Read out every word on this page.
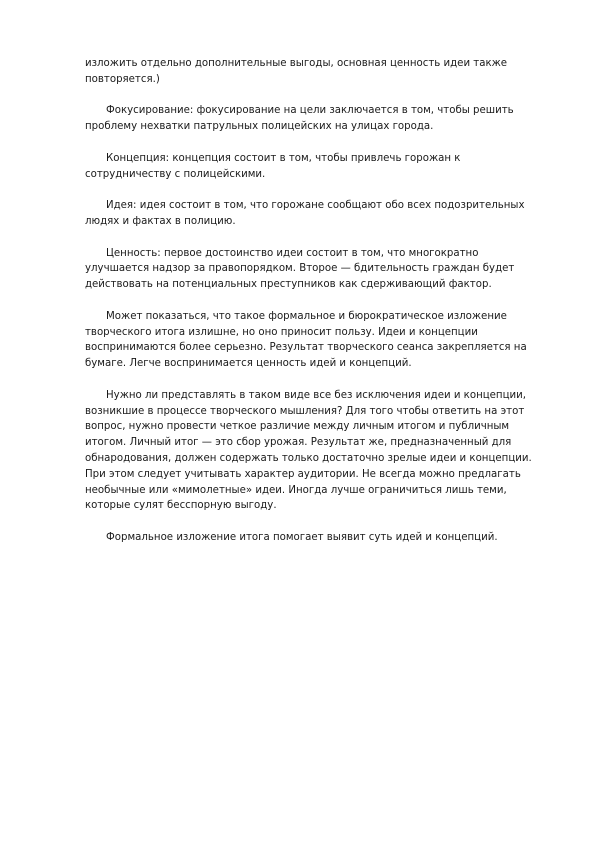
изложить отдельно дополнительные выгоды, основная ценность идеи также повторяется.)

Фокусирование: фокусирование на цели заключается в том, чтобы решить проблему нехватки патрульных полицейских на улицах города.

Концепция: концепция состоит в том, чтобы привлечь горожан к сотрудничеству с полицейскими.

Идея: идея состоит в том, что горожане сообщают обо всех подозрительных людях и фактах в полицию.

Ценность: первое достоинство идеи состоит в том, что многократно улучшается надзор за правопорядком. Второе — бдительность граждан будет действовать на потенциальных преступников как сдерживающий фактор.

Может показаться, что такое формальное и бюрократическое изложение творческого итога излишне, но оно приносит пользу. Идеи и концепции воспринимаются более серьезно. Результат творческого сеанса закрепляется на бумаге. Легче воспринимается ценность идей и концепций.

Нужно ли представлять в таком виде все без исключения идеи и концепции, возникшие в процессе творческого мышления? Для того чтобы ответить на этот вопрос, нужно провести четкое различие между личным итогом и публичным итогом. Личный итог — это сбор урожая. Результат же, предназначенный для обнародования, должен содержать только достаточно зрелые идеи и концепции. При этом следует учитывать характер аудитории. Не всегда можно предлагать необычные или «мимолетные» идеи. Иногда лучше ограничиться лишь теми, которые сулят бесспорную выгоду.

Формальное изложение итога помогает выявит суть идей и концепций.
